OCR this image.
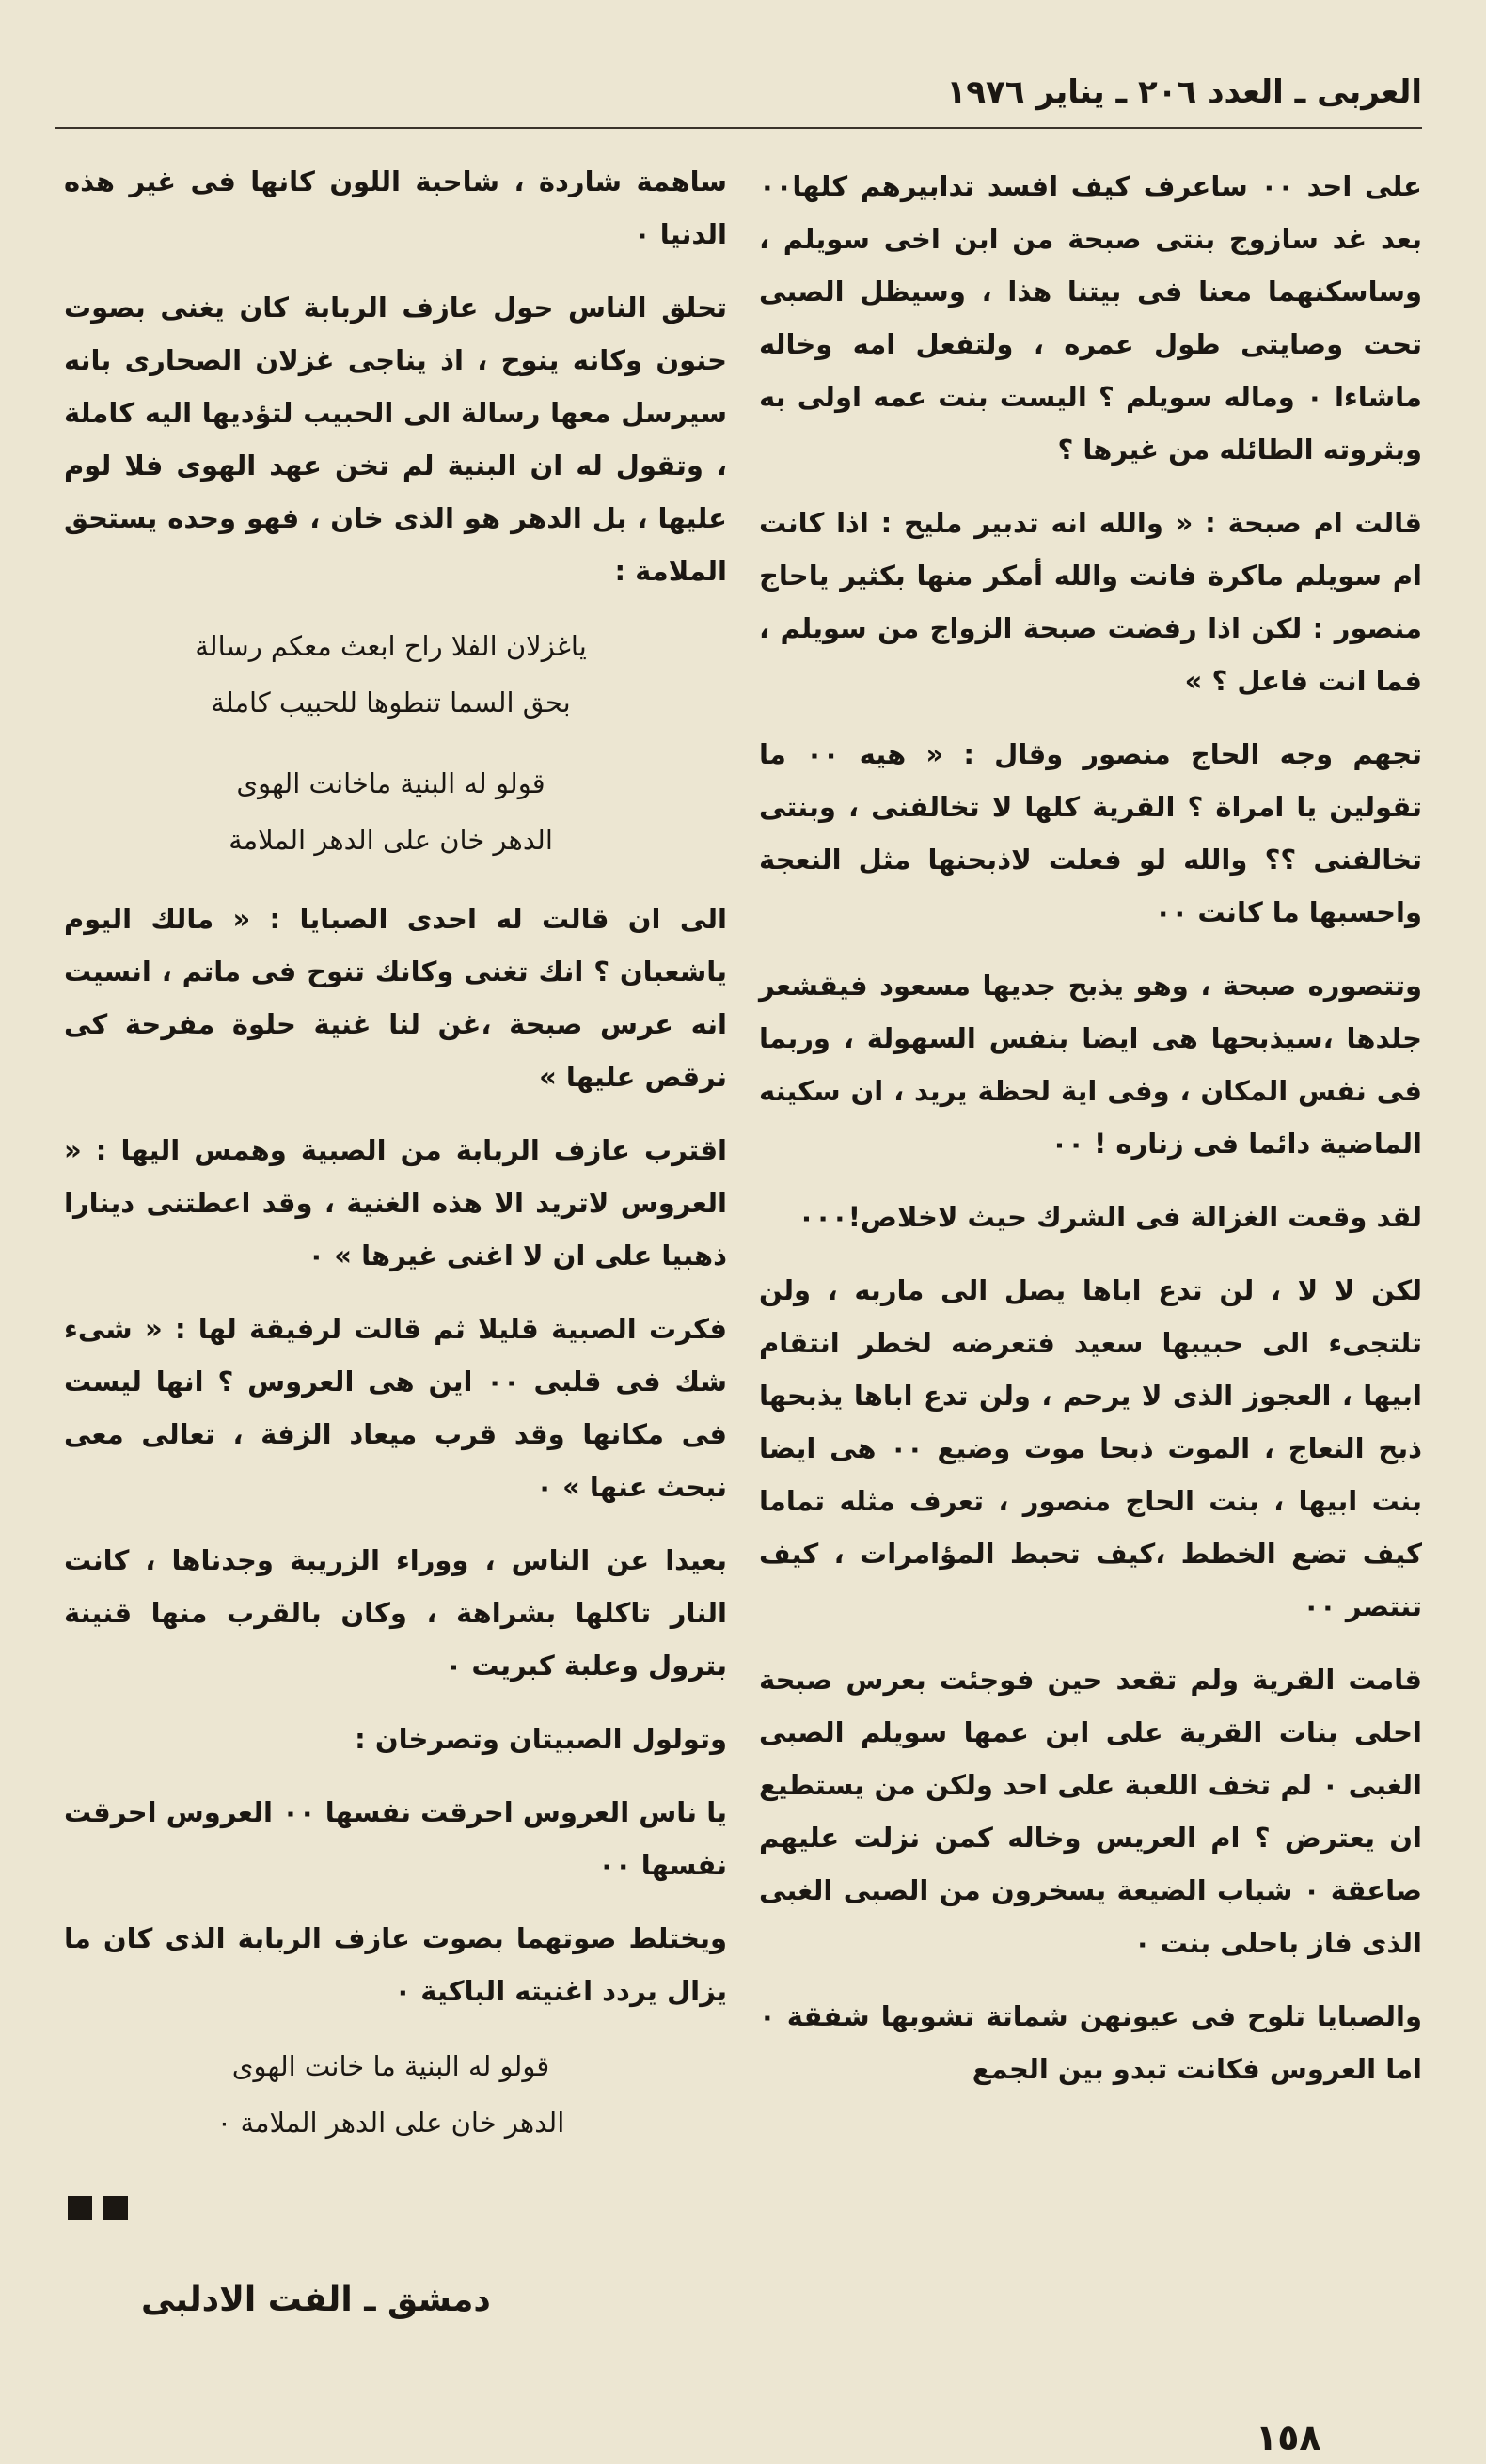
العربى ـ العدد ٢٠٦ ـ يناير ١٩٧٦

على احد ٠٠ ساعرف كيف افسد تدابيرهم كلها٠٠ بعد غد سازوج بنتى صبحة من ابن اخى سويلم ، وساسكنهما معنا فى بيتنا هذا ، وسيظل الصبى تحت وصايتى طول عمره ، ولتفعل امه وخاله ماشاءا ٠ وماله سويلم ؟ اليست بنت عمه اولى به وبثروته الطائله من غيرها ؟

قالت ام صبحة : « والله انه تدبير مليح : اذا كانت ام سويلم ماكرة فانت والله أمكر منها بكثير ياحاج منصور : لكن اذا رفضت صبحة الزواج من سويلم ، فما انت فاعل ؟ »

تجهم وجه الحاج منصور وقال : « هيه ٠٠ ما تقولين يا امراة ؟ القرية كلها لا تخالفنى ، وبنتى تخالفنى ؟؟ والله لو فعلت لاذبحنها مثل النعجة واحسبها ما كانت ٠٠

وتتصوره صبحة ، وهو يذبح جديها مسعود فيقشعر جلدها ،سيذبحها هى ايضا بنفس السهولة ، وربما فى نفس المكان ، وفى اية لحظة يريد ، ان سكينه الماضية دائما فى زناره ! ٠٠

لقد وقعت الغزالة فى الشرك حيث لاخلاص!٠٠٠

لكن لا لا ، لن تدع اباها يصل الى ماربه ، ولن تلتجىء الى حبيبها سعيد فتعرضه لخطر انتقام ابيها ، العجوز الذى لا يرحم ، ولن تدع اباها يذبحها ذبح النعاج ، الموت ذبحا موت وضيع ٠٠ هى ايضا بنت ابيها ، بنت الحاج منصور ، تعرف مثله تماما كيف تضع الخطط ،كيف تحبط المؤامرات ، كيف تنتصر ٠٠

قامت القرية ولم تقعد حين فوجئت بعرس صبحة احلى بنات القرية على ابن عمها سويلم الصبى الغبى ٠ لم تخف اللعبة على احد ولكن من يستطيع ان يعترض ؟ ام العريس وخاله كمن نزلت عليهم صاعقة ٠ شباب الضيعة يسخرون من الصبى الغبى الذى فاز باحلى بنت ٠

والصبايا تلوح فى عيونهن شماتة تشوبها شفقة ٠ اما العروس فكانت تبدو بين الجمع

ساهمة شاردة ، شاحبة اللون كانها فى غير هذه الدنيا ٠

تحلق الناس حول عازف الربابة كان يغنى بصوت حنون وكانه ينوح ، اذ يناجى غزلان الصحارى بانه سيرسل معها رسالة الى الحبيب لتؤديها اليه كاملة ، وتقول له ان البنية لم تخن عهد الهوى فلا لوم عليها ، بل الدهر هو الذى خان ، فهو وحده يستحق الملامة :

ياغزلان الفلا راح ابعث معكم رسالة
بحق السما تنطوها للحبيب كاملة
قولو له البنية ماخانت الهوى
الدهر خان على الدهر الملامة

الى ان قالت له احدى الصبايا : « مالك اليوم ياشعبان ؟ انك تغنى وكانك تنوح فى ماتم ، انسيت انه عرس صبحة ،غن لنا غنية حلوة مفرحة كى نرقص عليها »

اقترب عازف الربابة من الصبية وهمس اليها : « العروس لاتريد الا هذه الغنية ، وقد اعطتنى دينارا ذهبيا على ان لا اغنى غيرها » ٠

فكرت الصبية قليلا ثم قالت لرفيقة لها : « شىء شك فى قلبى ٠٠ اين هى العروس ؟ انها ليست فى مكانها وقد قرب ميعاد الزفة ، تعالى معى نبحث عنها » ٠

بعيدا عن الناس ، ووراء الزريبة وجدناها ، كانت النار تاكلها بشراهة ، وكان بالقرب منها قنينة بترول وعلبة كبريت ٠

وتولول الصبيتان وتصرخان :

يا ناس العروس احرقت نفسها ٠٠ العروس احرقت نفسها ٠٠

ويختلط صوتهما بصوت عازف الربابة الذى كان ما يزال يردد اغنيته الباكية ٠

قولو له البنية ما خانت الهوى
الدهر خان على الدهر الملامة ٠
دمشق ـ الفت الادلبى
١٥٨
